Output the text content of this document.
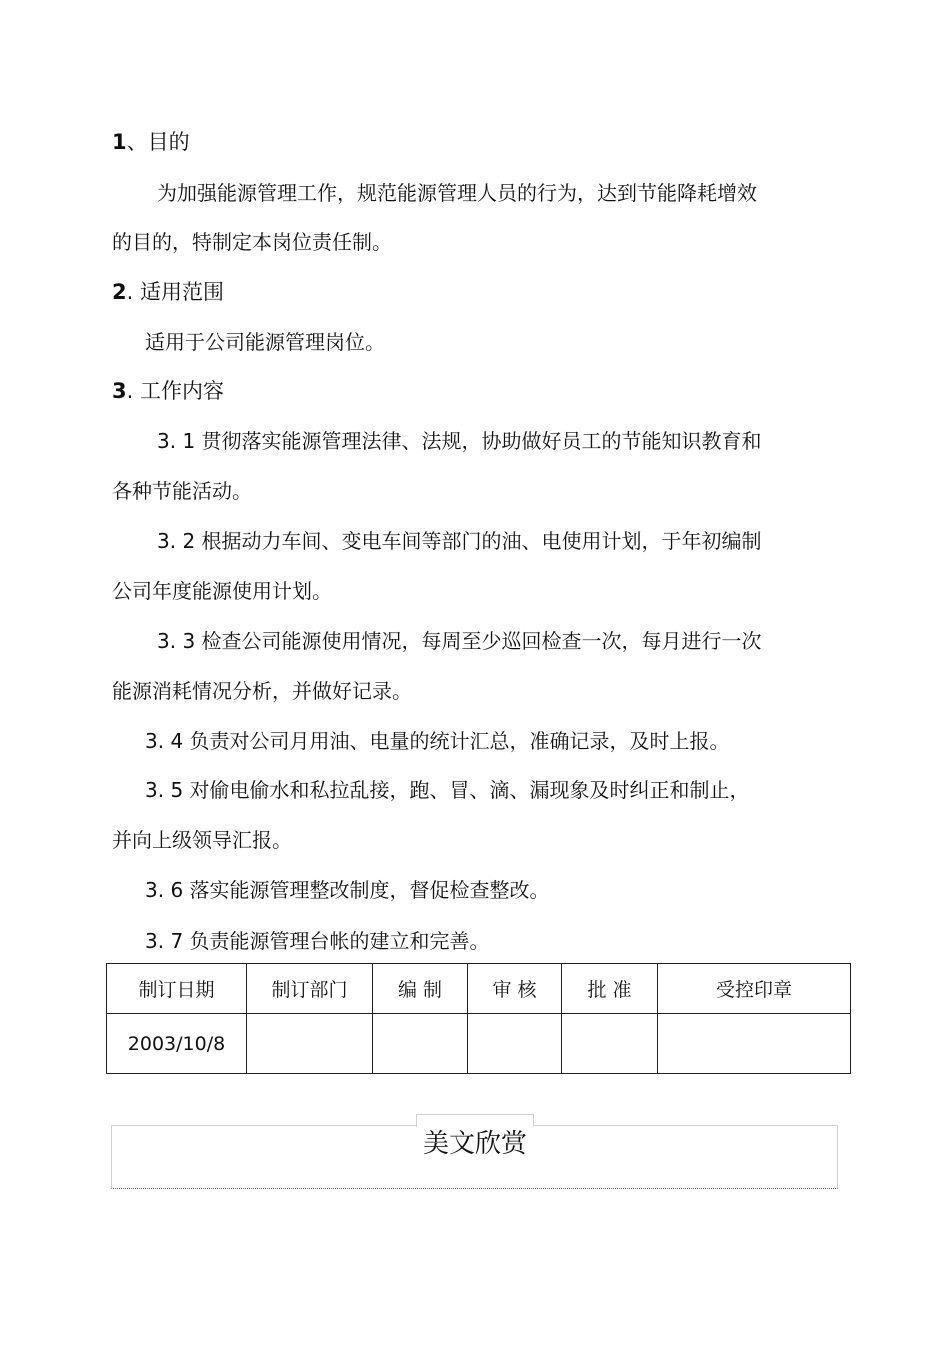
1、目的
为加强能源管理工作，规范能源管理人员的行为，达到节能降耗增效
的目的，特制定本岗位责任制。
2. 适用范围
适用于公司能源管理岗位。
3. 工作内容
3. 1 贯彻落实能源管理法律、法规，协助做好员工的节能知识教育和
各种节能活动。
3. 2 根据动力车间、变电车间等部门的油、电使用计划，于年初编制
公司年度能源使用计划。
3. 3 检查公司能源使用情况，每周至少巡回检查一次，每月进行一次
能源消耗情况分析，并做好记录。
3. 4 负责对公司月用油、电量的统计汇总，准确记录，及时上报。
3. 5 对偷电偷水和私拉乱接，跑、冒、滴、漏现象及时纠正和制止，
并向上级领导汇报。
3. 6 落实能源管理整改制度，督促检查整改。
3. 7 负责能源管理台帐的建立和完善。
制订日期	制订部门	编 制	审 核	批 准	受控印章
2003/10/8					
美文欣赏
